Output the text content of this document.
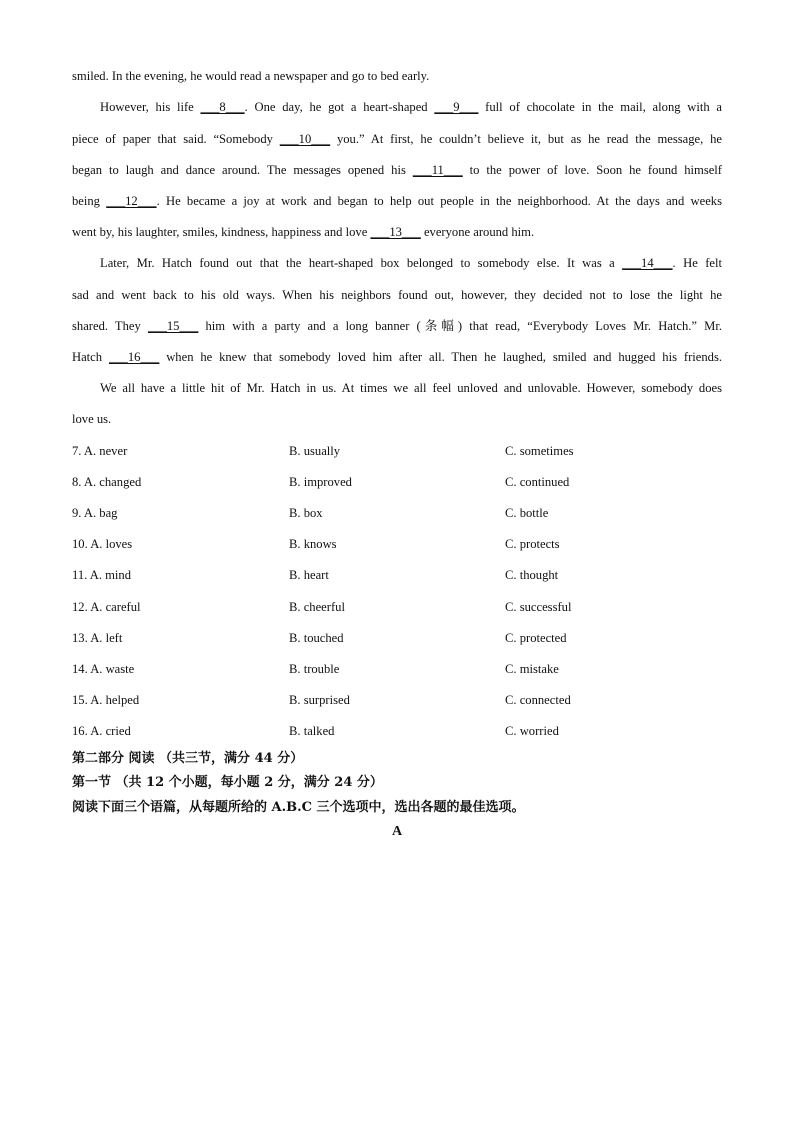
smiled. In the evening, he would read a newspaper and go to bed early.
However, his life ___8___. One day, he got a heart-shaped ___9___ full of chocolate in the mail, along with a
piece of paper that said. “Somebody ___10___ you.” At first, he couldn’t believe it, but as he read the message, he
began to laugh and dance around. The messages opened his ___11___ to the power of love. Soon he found himself
being ___12___. He became a joy at work and began to help out people in the neighborhood. At the days and weeks
went by, his laughter, smiles, kindness, happiness and love ___13___ everyone around him.
Later, Mr. Hatch found out that the heart-shaped box belonged to somebody else. It was a ___14___. He felt
sad and went back to his old ways. When his neighbors found out, however, they decided not to lose the light he
shared. They ___15___ him with a party and a long banner (条幅) that read, “Everybody Loves Mr. Hatch.” Mr.
Hatch ___16___ when he knew that somebody loved him after all. Then he laughed, smiled and hugged his friends.
We all have a little hit of Mr. Hatch in us. At times we all feel unloved and unlovable. However, somebody does
love us.
7. A. never	B. usually	C. sometimes
8. A. changed	B. improved	C. continued
9. A. bag	B. box	C. bottle
10. A. loves	B. knows	C. protects
11. A. mind	B. heart	C. thought
12. A. careful	B. cheerful	C. successful
13. A. left	B. touched	C. protected
14. A. waste	B. trouble	C. mistake
15. A. helped	B. surprised	C. connected
16. A. cried	B. talked	C. worried
第二部分 阅读 （共三节，满分 44 分）
第一节 （共 12 个小题，每小题 2 分，满分 24 分）
阅读下面三个语篇，从每题所给的 A.B.C 三个选项中，选出各题的最佳选项。
A
